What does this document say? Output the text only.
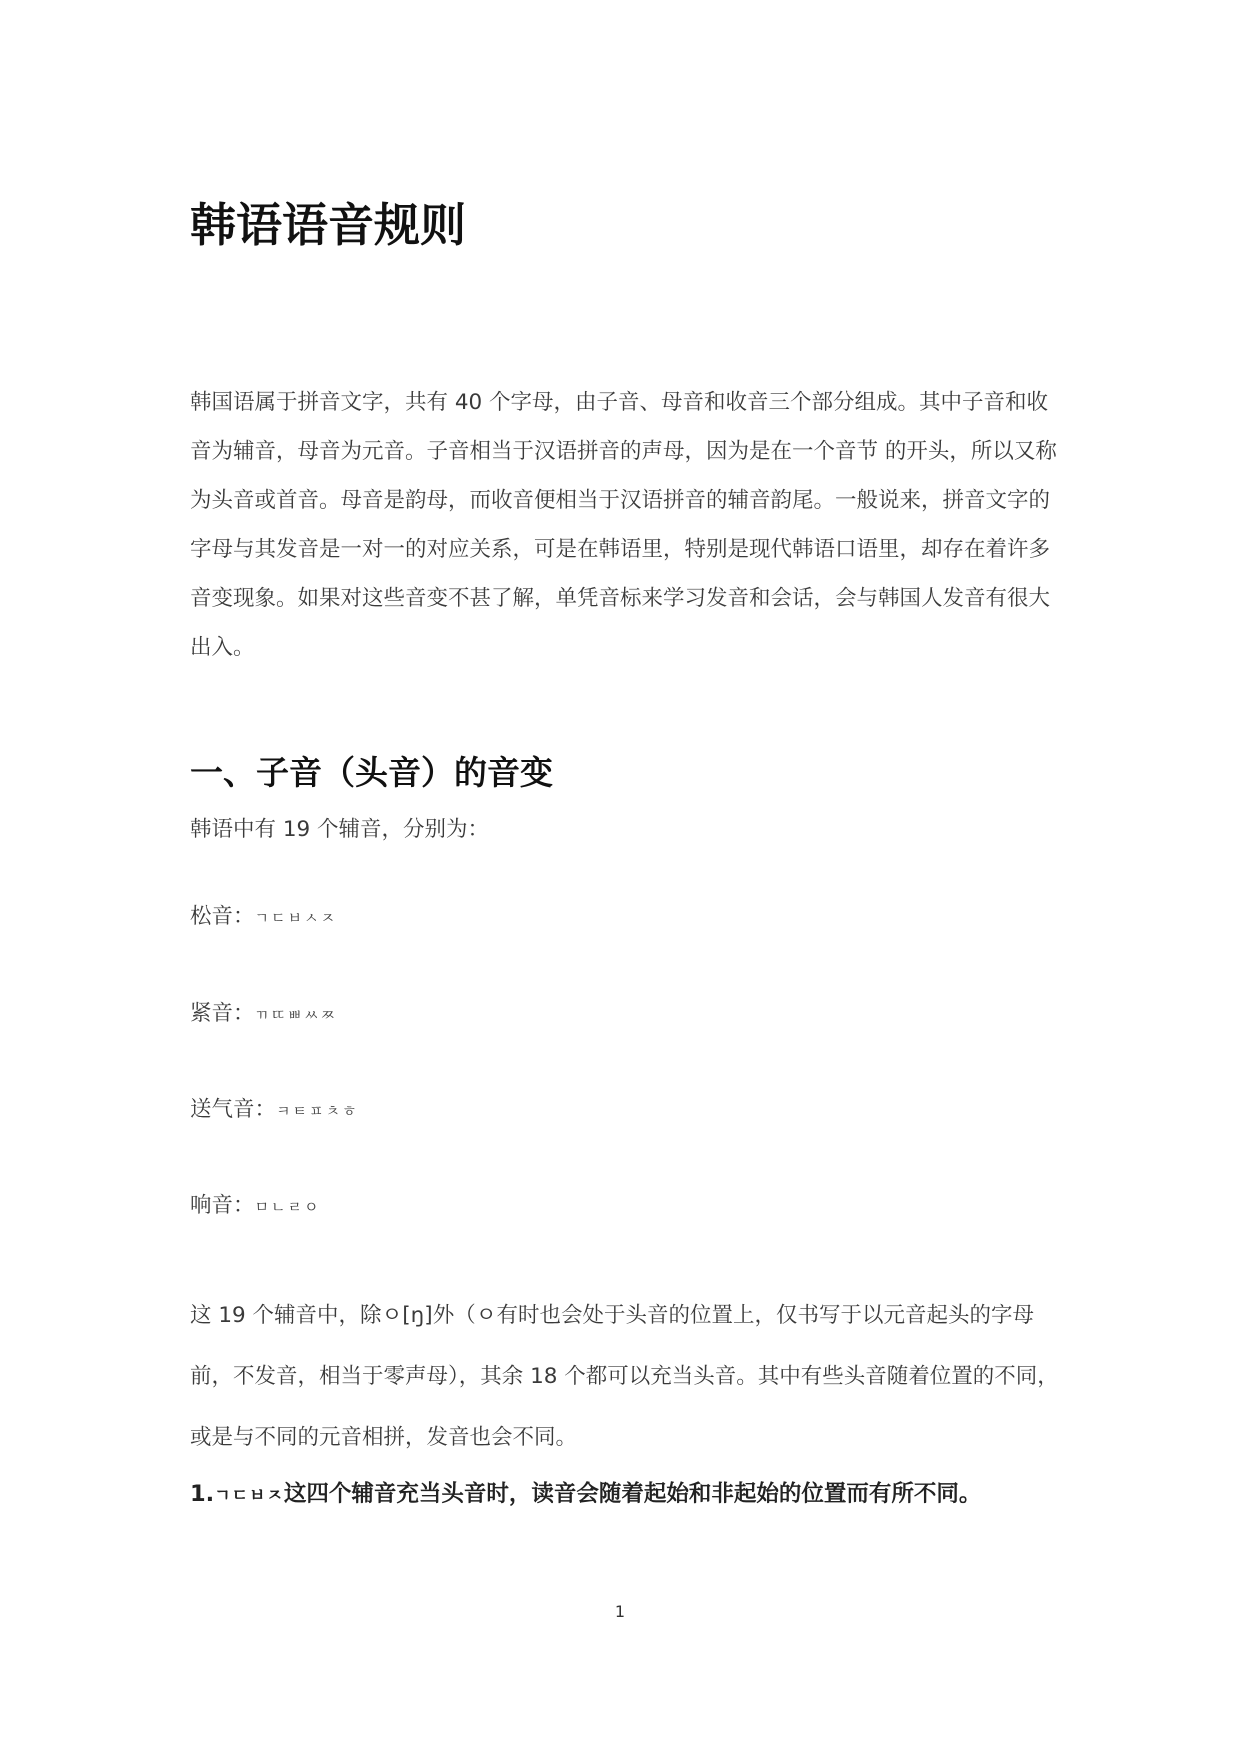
韩语语音规则

韩国语属于拼音文字，共有 40 个字母，由子音、母音和收音三个部分组成。其中子音和收音为辅音，母音为元音。子音相当于汉语拼音的声母，因为是在一个音节 的开头，所以又称为头音或首音。母音是韵母，而收音便相当于汉语拼音的辅音韵尾。一般说来，拼音文字的字母与其发音是一对一的对应关系，可是在韩语里，特别是现代韩语口语里，却存在着许多音变现象。如果对这些音变不甚了解，单凭音标来学习发音和会话，会与韩国人发音有很大出入。

一、子音（头音）的音变

韩语中有 19 个辅音，分别为：

松音：ㄱㄷㅂㅅㅈ

紧音：ㄲㄸㅃㅆㅉ

送气音：ㅋㅌㅍㅊㅎ

响音：ㅁㄴㄹㅇ

这 19 个辅音中，除ㅇ[ŋ]外（ㅇ有时也会处于头音的位置上，仅书写于以元音起头的字母前，不发音，相当于零声母），其余 18 个都可以充当头音。其中有些头音随着位置的不同，或是与不同的元音相拼，发音也会不同。

1.ㄱㄷㅂㅈ这四个辅音充当头音时，读音会随着起始和非起始的位置而有所不同。

1
